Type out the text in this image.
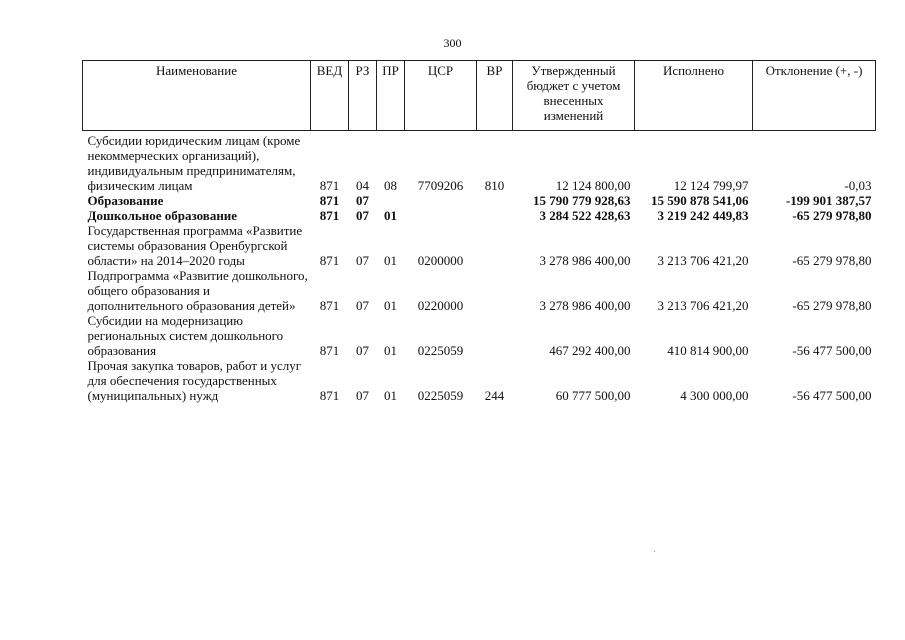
300
Наименование	ВЕД	РЗ	ПР	ЦСР	ВР	Утвержденный бюджет с учетом внесенных изменений	Исполнено	Отклонение (+, -)
Субсидии юридическим лицам (кроме некоммерческих организаций), индивидуальным предпринимателям, физическим лицам	871	04	08	7709206	810	12 124 800,00	12 124 799,97	-0,03
Образование	871	07				15 790 779 928,63	15 590 878 541,06	-199 901 387,57
Дошкольное образование	871	07	01			3 284 522 428,63	3 219 242 449,83	-65 279 978,80
Государственная программа «Развитие системы образования Оренбургской области» на 2014–2020 годы	871	07	01	0200000		3 278 986 400,00	3 213 706 421,20	-65 279 978,80
Подпрограмма «Развитие дошкольного, общего образования и дополнительного образования детей»	871	07	01	0220000		3 278 986 400,00	3 213 706 421,20	-65 279 978,80
Субсидии на модернизацию региональных систем дошкольного образования	871	07	01	0225059		467 292 400,00	410 814 900,00	-56 477 500,00
Прочая закупка товаров, работ и услуг для обеспечения государственных (муниципальных) нужд	871	07	01	0225059	244	60 777 500,00	4 300 000,00	-56 477 500,00
